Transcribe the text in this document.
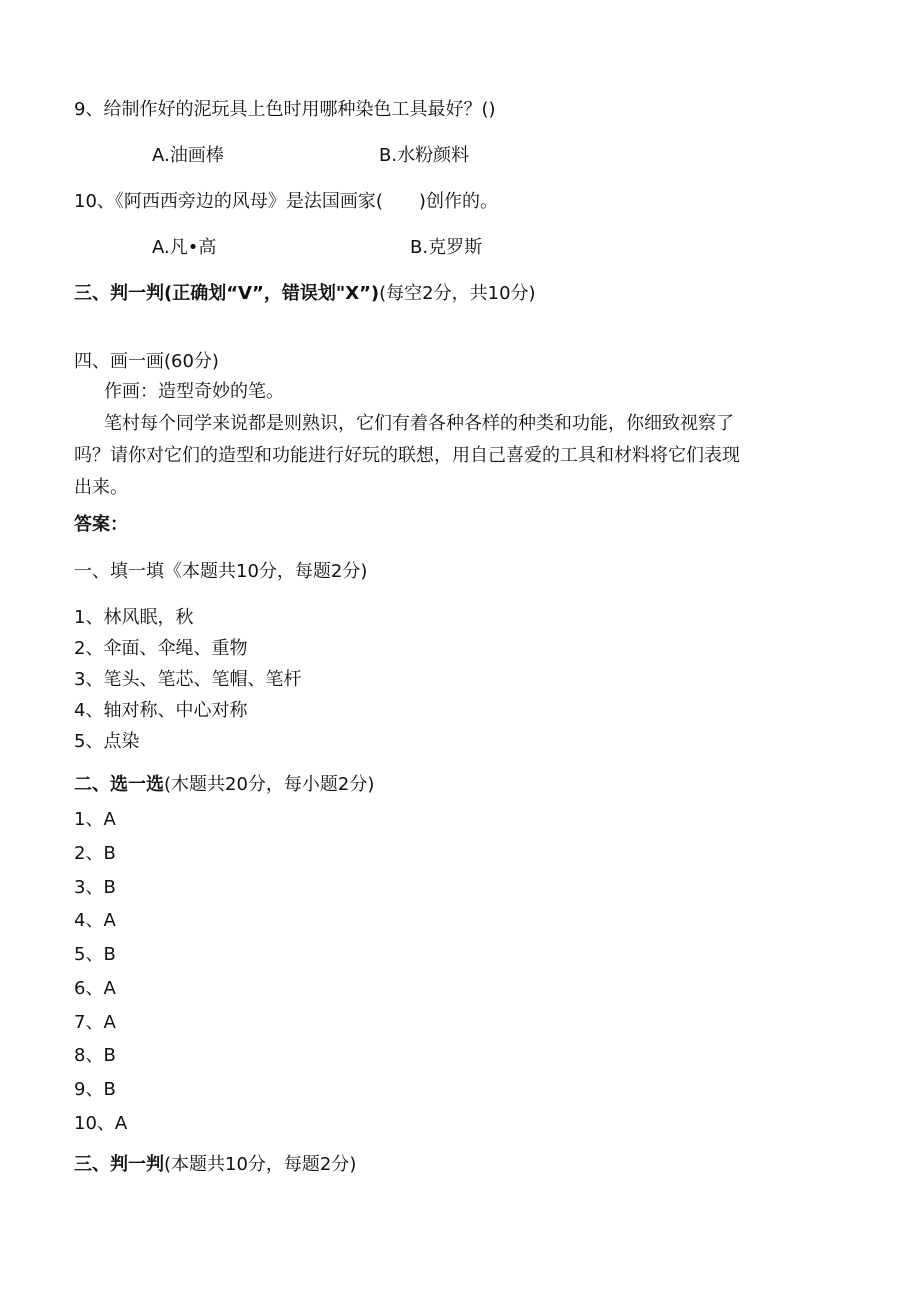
9、给制作好的泥玩具上色时用哪种染色工具最好？()
A.油画棒	B.水粉颜料
10、《阿西西旁边的风母》是法国画家(　　)创作的。
A.凡•高	B.克罗斯
三、判一判(正确划“V”，错误划"X”)(每空2分，共10分)
四、画一画(60分)
作画：造型奇妙的笔。
笔村每个同学来说都是则熟识，它们有着各种各样的种类和功能，你细致视察了
吗？请你对它们的造型和功能进行好玩的联想，用自己喜爱的工具和材料将它们表现
出来。
答案：
一、填一填《本题共10分，每题2分)
1、林风眠，秋
2、伞面、伞绳、重物
3、笔头、笔芯、笔帽、笔杆
4、轴对称、中心对称
5、点染
二、选一选(木题共20分，每小题2分)
1、A
2、B
3、B
4、A
5、B
6、A
7、A
8、B
9、B
10、A
三、判一判(本题共10分，每题2分)
